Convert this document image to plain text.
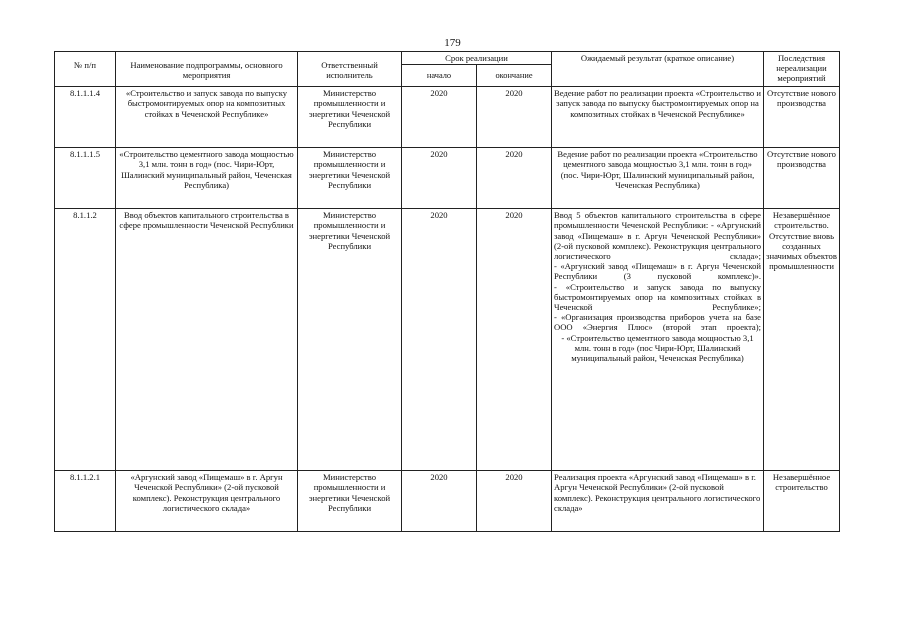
179
№ п/п	Наименование подпрограммы, основного мероприятия	Ответственный исполнитель	Срок реализации		Ожидаемый результат (краткое описание)	Последствия нереализации мероприятий
			начало	окончание		
8.1.1.1.4	«Строительство и запуск завода по выпуску быстромонтируемых опор на композитных стойках в Чеченской Республике»	Министерство промышленности и энергетики Чеченской Республики	2020	2020	Ведение работ по реализации проекта «Строительство и запуск завода по выпуску быстромонтируемых опор на композитных стойках в Чеченской Республике»	Отсутствие нового производства
8.1.1.1.5	«Строительство цементного завода мощностью 3,1 млн. тонн в год» (пос. Чири-Юрт, Шалинский муниципальный район, Чеченская Республика)	Министерство промышленности и энергетики Чеченской Республики	2020	2020	Ведение работ по реализации проекта «Строительство цементного завода мощностью 3,1 млн. тонн в год» (пос. Чири-Юрт, Шалинский муниципальный район, Чеченская Республика)	Отсутствие нового производства
8.1.1.2	Ввод объектов капитального строительства в сфере промышленности Чеченской Республики	Министерство промышленности и энергетики Чеченской Республики	2020	2020	Ввод 5 объектов капитального строительства в сфере промышленности Чеченской Республики: - «Аргунский завод «Пищемаш» в г. Аргун Чеченской Республики» (2-ой пусковой комплекс). Реконструкция центрального логистического склада»;
- «Аргунский завод «Пищемаш» в г. Аргун Чеченской Республики (3 пусковой комплекс)».
- «Строительство и запуск завода по выпуску быстромонтируемых опор на композитных стойках в Чеченской Республике»;
- «Организация производства приборов учета на базе ООО «Энергия Плюс» (второй этап проекта);
- «Строительство цементного завода мощностью 3,1 млн. тонн в год» (пос Чири-Юрт, Шалинский муниципальный район, Чеченская Республика)	Незавершённое строительство. Отсутствие вновь созданных значимых объектов промышленности
8.1.1.2.1	«Аргунский завод «Пищемаш» в г. Аргун Чеченской Республики» (2-ой пусковой комплекс). Реконструкция центрального логистического склада»	Министерство промышленности и энергетики Чеченской Республики	2020	2020	Реализация проекта «Аргунский завод «Пищемаш» в г. Аргун Чеченской Республики» (2-ой пусковой комплекс). Реконструкция центрального логистического склада»	Незавершённое строительство
